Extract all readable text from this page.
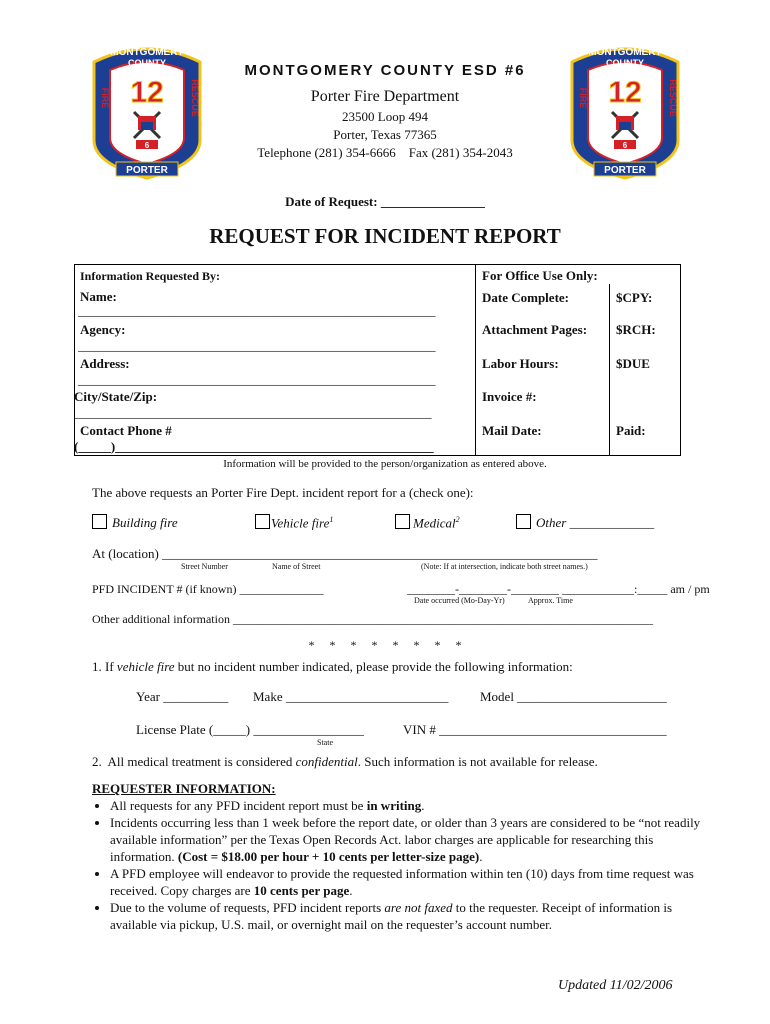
MONTGOMERY
COUNTY
12
FIRE	RESCUE
6
PORTER
MONTGOMERY
COUNTY
12
FIRE	RESCUE
6
PORTER
MONTGOMERY COUNTY ESD #6
Porter Fire Department
23500 Loop 494
Porter, Texas 77365
Telephone (281) 354-6666 Fax (281) 354-2043
Date of Request: ________________
REQUEST FOR INCIDENT REPORT
Information Requested By:
Name:
_______________________________________________________
Agency:
_______________________________________________________
Address:
_______________________________________________________
City/State/Zip:
_______________________________________________________
Contact Phone #
(_____)_________________________________________________
For Office Use Only:
Date Complete:	$CPY:
Attachment Pages: $RCH:
Labor Hours:	$DUE
Invoice #:
Mail Date:	Paid:
Information will be provided to the person/organization as entered above.
The above requests an Porter Fire Dept. incident report for a (check one):
Building fire	Vehicle fire$^1$	Medical$^2$	Other _____________
At (location) ___________________________________________________________________
Street Number	Name of Street	(Note: If at intersection, indicate both street names.)
PFD INCIDENT # (if known) ______________	________-________-________ ____________:_____ am / pm
Date occurred (Mo-Day-Yr)	Approx. Time
Other additional information ______________________________________________________________________
*     *     *     *     *     *     *     *
1. If vehicle fire but no incident number indicated, please provide the following information:
Year __________ Make _________________________ Model _______________________
License Plate (_____) _________________
State
VIN # ___________________________________
2. All medical treatment is considered confidential. Such information is not available for release.
REQUESTER INFORMATION:
• All requests for any PFD incident report must be in writing.
• Incidents occurring less than 1 week before the report date, or older than 3 years are considered to be “not readily available information” per the Texas Open Records Act. labor charges are applicable for researching this information. (Cost = $18.00 per hour + 10 cents per letter-size page).
• A PFD employee will endeavor to provide the requested information within ten (10) days from time request was received. Copy charges are 10 cents per page.
• Due to the volume of requests, PFD incident reports are not faxed to the requester. Receipt of information is available via pickup, U.S. mail, or overnight mail on the requester’s account number.
Updated 11/02/2006
